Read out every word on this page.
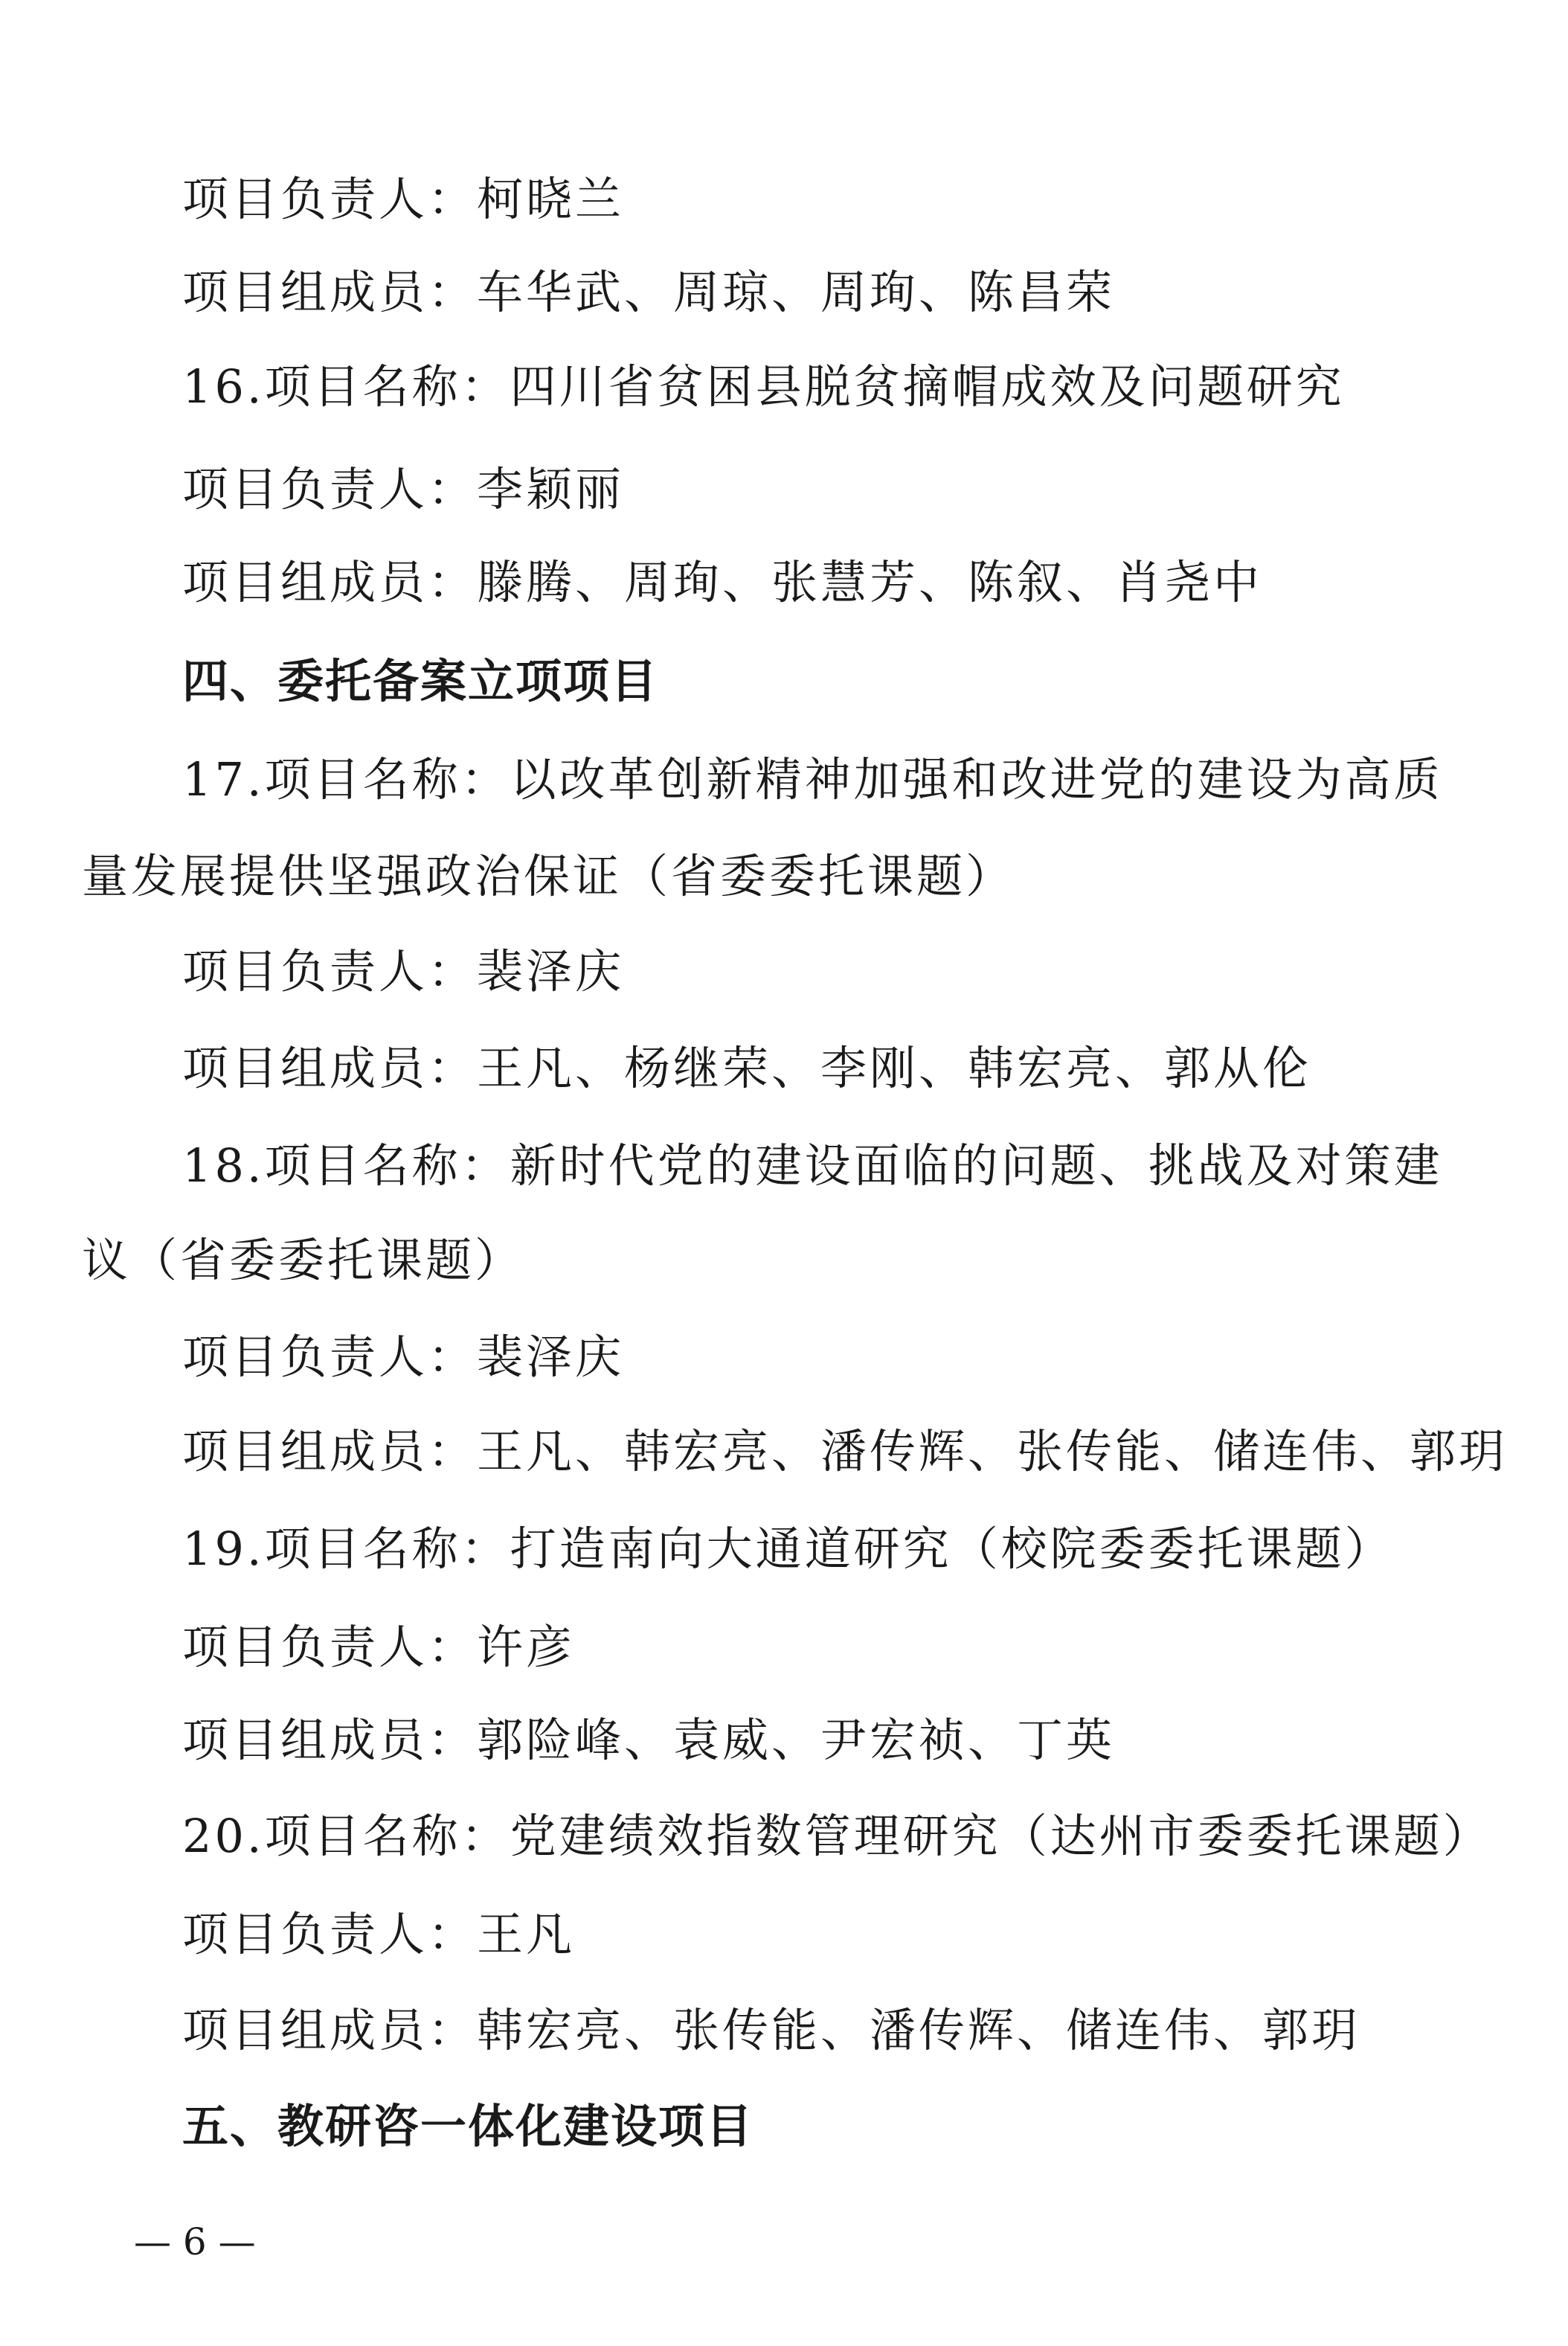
项目负责人：柯晓兰
项目组成员：车华武、周琼、周珣、陈昌荣
16.项目名称：四川省贫困县脱贫摘帽成效及问题研究
项目负责人：李颖丽
项目组成员：滕腾、周珣、张慧芳、陈叙、肖尧中
四、委托备案立项项目
17.项目名称：以改革创新精神加强和改进党的建设为高质
量发展提供坚强政治保证（省委委托课题）
项目负责人：裴泽庆
项目组成员：王凡、杨继荣、李刚、韩宏亮、郭从伦
18.项目名称：新时代党的建设面临的问题、挑战及对策建
议（省委委托课题）
项目负责人：裴泽庆
项目组成员：王凡、韩宏亮、潘传辉、张传能、储连伟、郭玥
19.项目名称：打造南向大通道研究（校院委委托课题）
项目负责人：许彦
项目组成员：郭险峰、袁威、尹宏祯、丁英
20.项目名称：党建绩效指数管理研究（达州市委委托课题）
项目负责人：王凡
项目组成员：韩宏亮、张传能、潘传辉、储连伟、郭玥
五、教研咨一体化建设项目
— 6 —
